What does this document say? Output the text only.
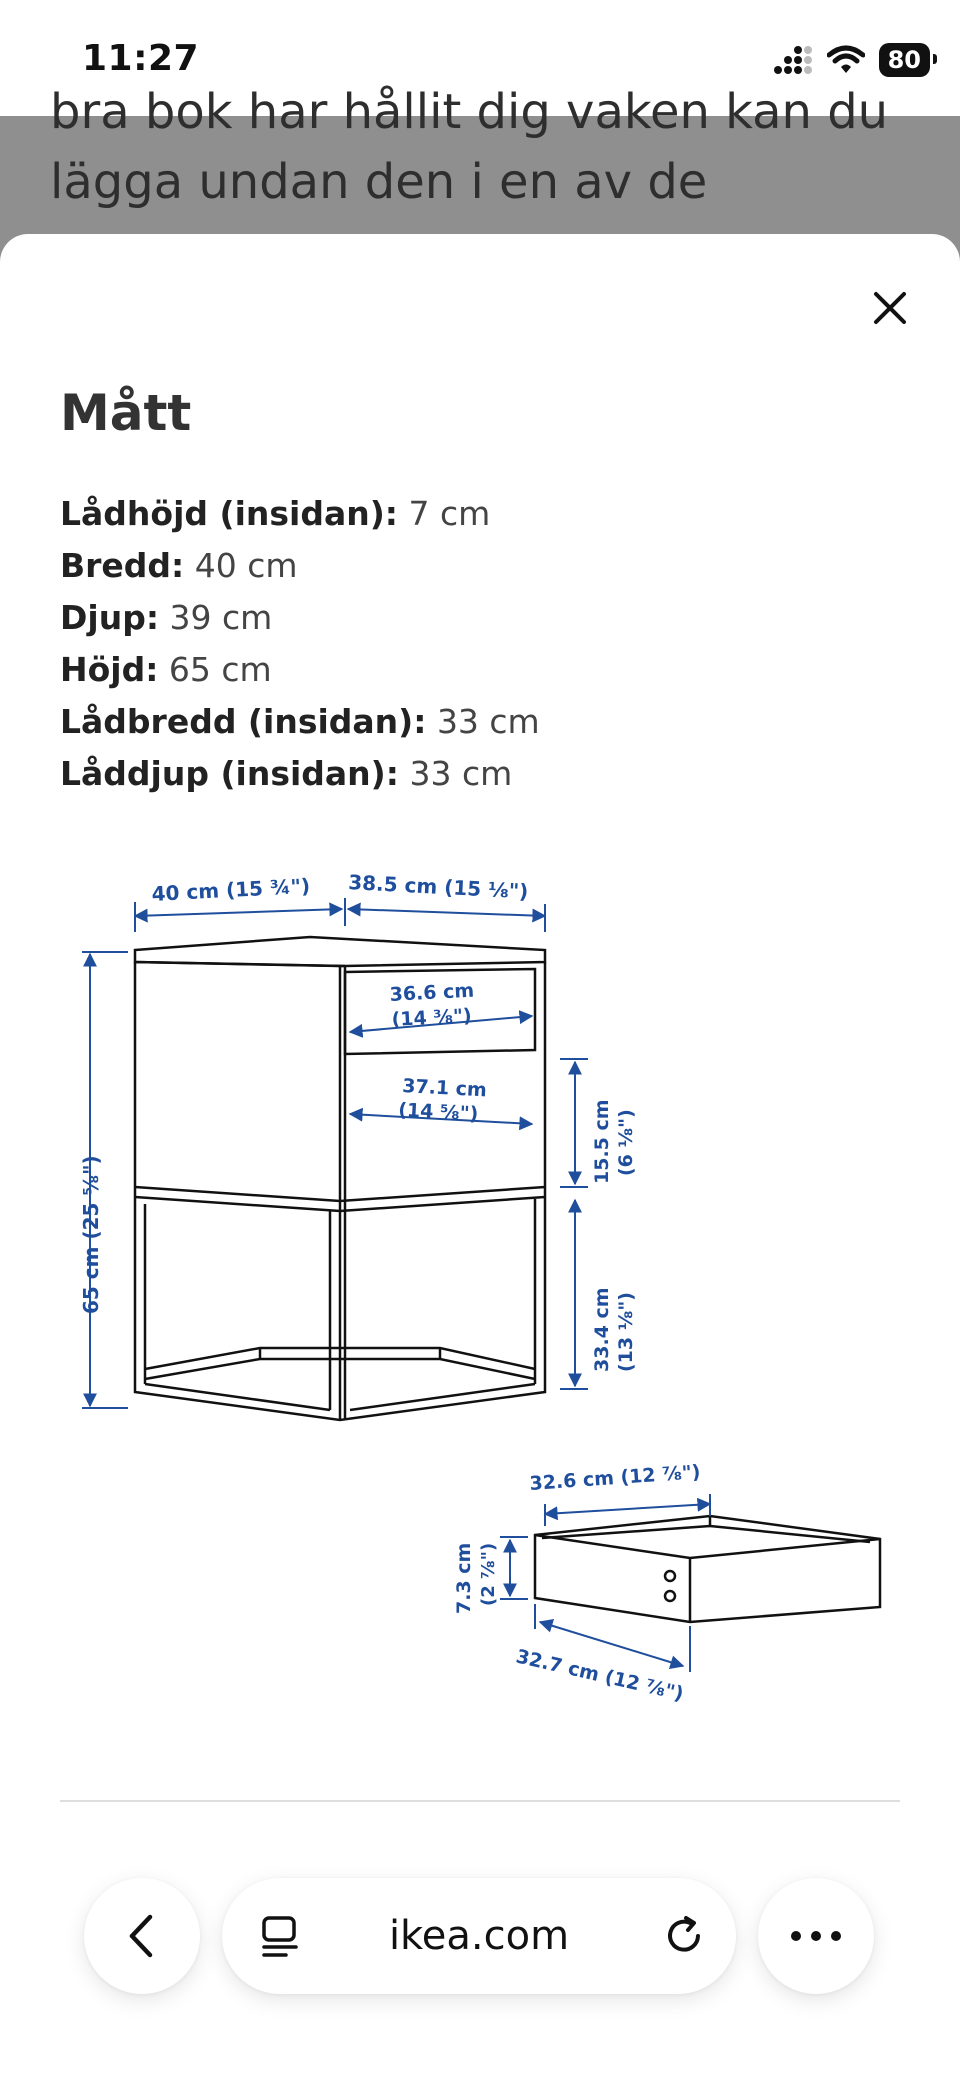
11:27	80
bra bok har hållit dig vaken kan du
lägga undan den i en av de
Mått
Lådhöjd (insidan): 7 cm
Bredd: 40 cm
Djup: 39 cm
Höjd: 65 cm
Lådbredd (insidan): 33 cm
Låddjup (insidan): 33 cm
40 cm (15 ¾") 38.5 cm (15 ⅛")
65 cm (25 ⅝")
36.6 cm
(14 ⅜")
37.1 cm
(14 ⅝")	15.5 cm (6 ⅛")
33.4 cm (13 ⅛")
32.6 cm (12 ⅞")
7.3 cm (2 ⅞")
32.7 cm (12 ⅞")
ikea.com
